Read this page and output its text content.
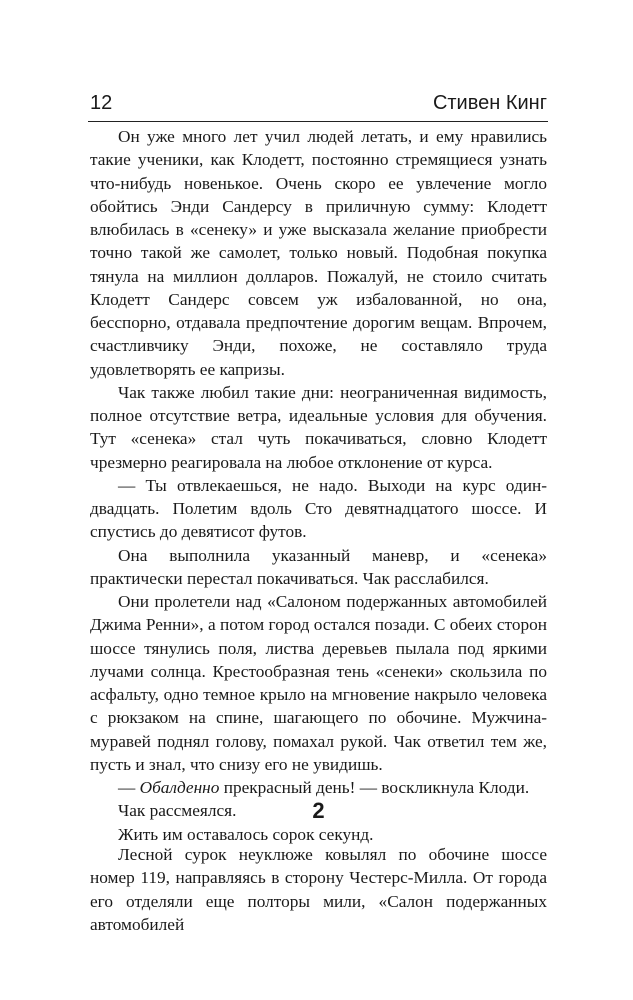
12	Стивен Кинг

Он уже много лет учил людей летать, и ему нравились такие ученики, как Клодетт, постоянно стремящиеся узнать что-нибудь новенькое. Очень скоро ее увлечение могло обойтись Энди Сандерсу в приличную сумму: Клодетт влюбилась в «сенеку» и уже высказала желание приобрести точно такой же самолет, только новый. Подобная покупка тянула на миллион долларов. Пожалуй, не стоило считать Клодетт Сандерс совсем уж избалованной, но она, бесспорно, отдавала предпочтение дорогим вещам. Впрочем, счастливчику Энди, похоже, не составляло труда удовлетворять ее капризы.

Чак также любил такие дни: неограниченная видимость, полное отсутствие ветра, идеальные условия для обучения. Тут «сенека» стал чуть покачиваться, словно Клодетт чрезмерно реагировала на любое отклонение от курса.

— Ты отвлекаешься, не надо. Выходи на курс один-двадцать. Полетим вдоль Сто девятнадцатого шоссе. И спустись до девятисот футов.

Она выполнила указанный маневр, и «сенека» практически перестал покачиваться. Чак расслабился.

Они пролетели над «Салоном подержанных автомобилей Джима Ренни», а потом город остался позади. С обеих сторон шоссе тянулись поля, листва деревьев пылала под яркими лучами солнца. Крестообразная тень «сенеки» скользила по асфальту, одно темное крыло на мгновение накрыло человека с рюкзаком на спине, шагающего по обочине. Мужчина-муравей поднял голову, помахал рукой. Чак ответил тем же, пусть и знал, что снизу его не увидишь.

— Обалденно прекрасный день! — воскликнула Клоди.

Чак рассмеялся.

Жить им оставалось сорок секунд.

2

Лесной сурок неуклюже ковылял по обочине шоссе номер 119, направляясь в сторону Честерс-Милла. От города его отделяли еще полторы мили, «Салон подержанных автомобилей
